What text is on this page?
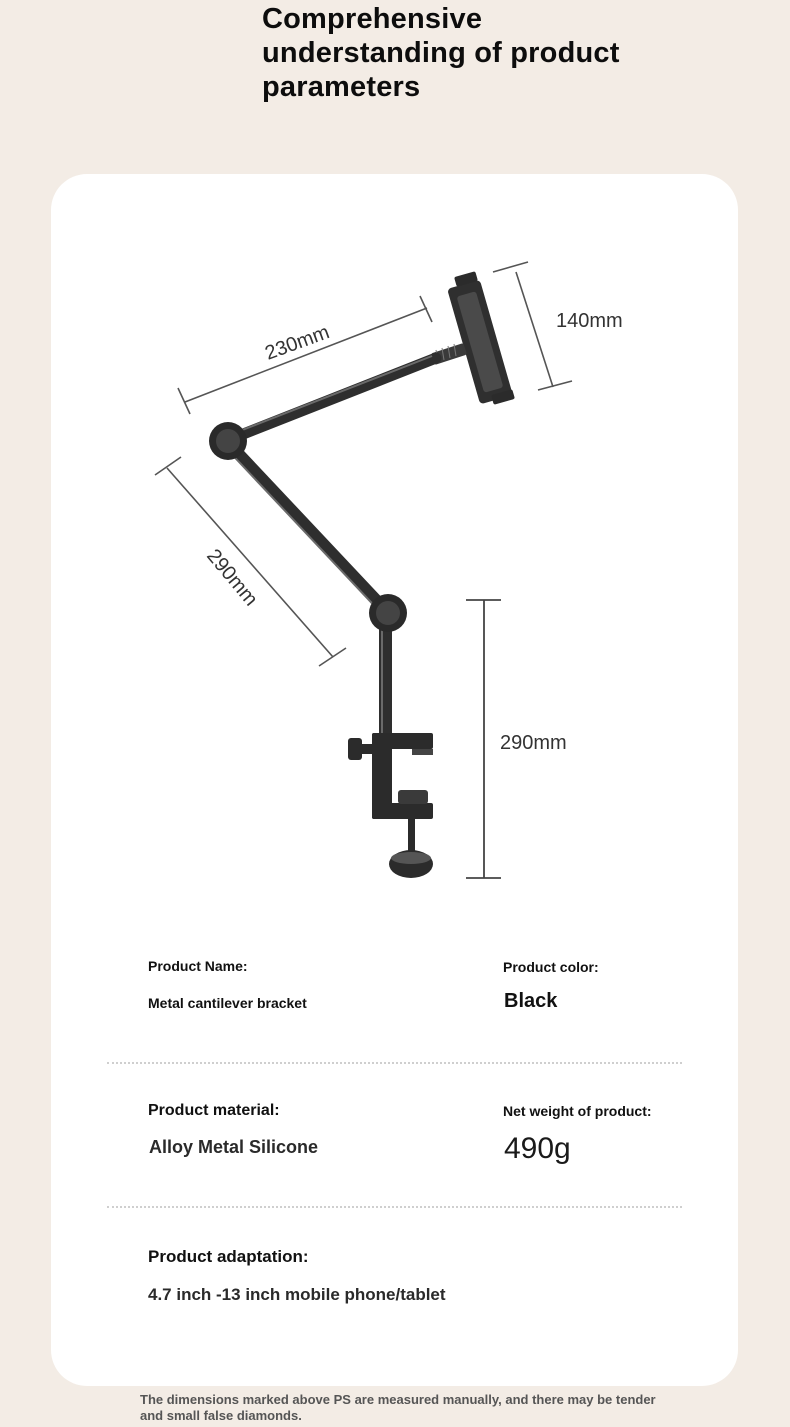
Comprehensive understanding of product parameters
230mm
140mm
290mm
290mm
Product Name:
Metal cantilever bracket
Product color:
Black
Product material:
Alloy Metal Silicone
Net weight of product:
490g
Product adaptation:
4.7 inch -13 inch mobile phone/tablet
The dimensions marked above PS are measured manually, and there may be tender and small false diamonds.
